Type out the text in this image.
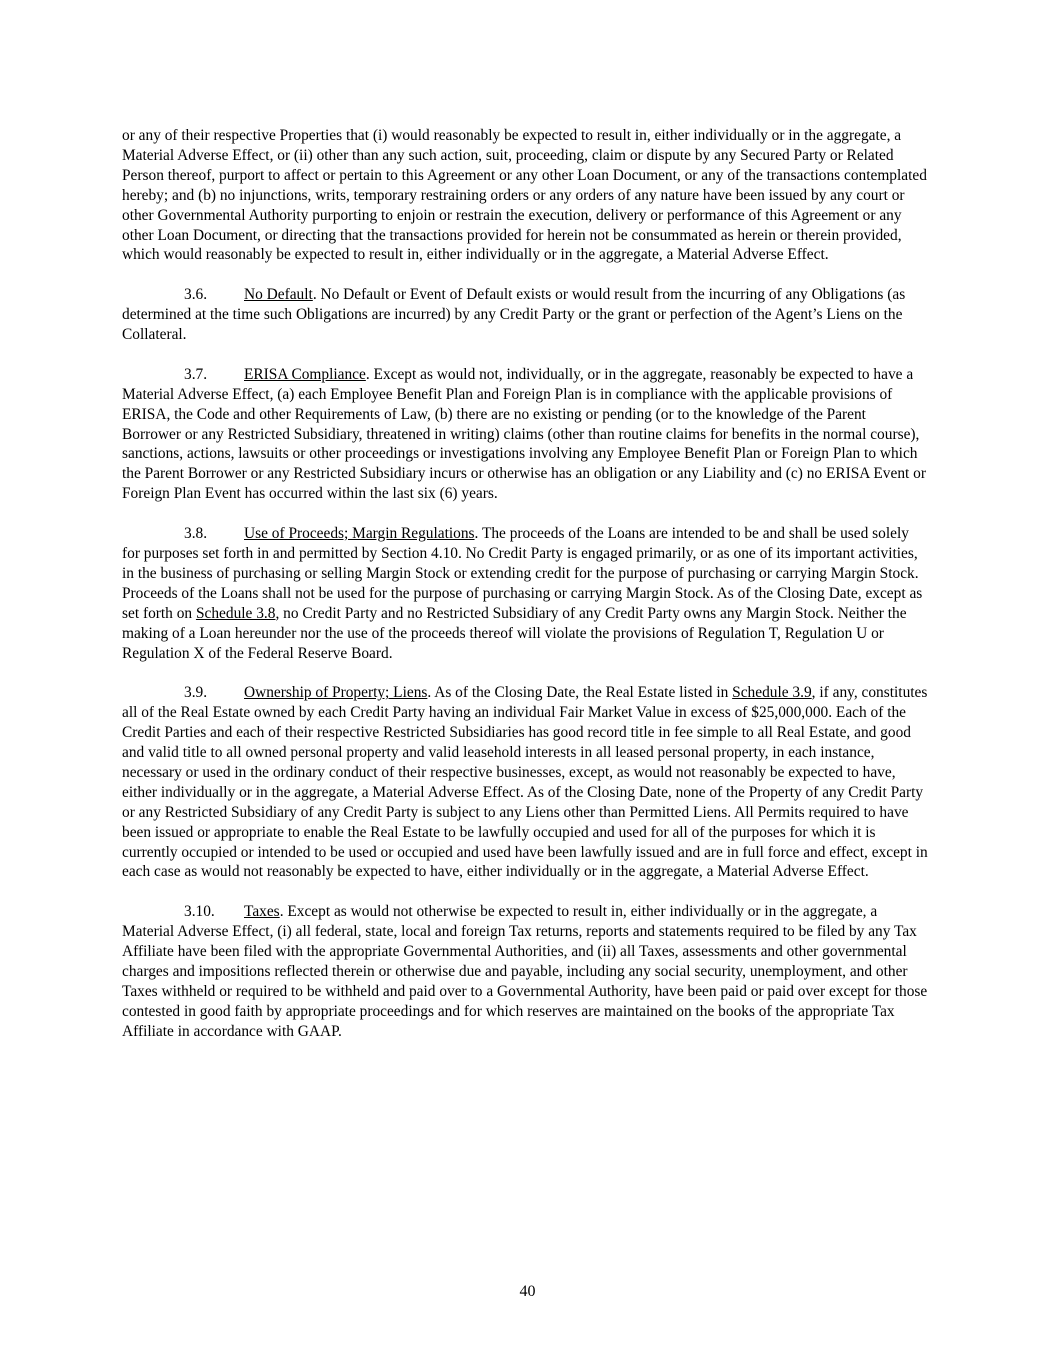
or any of their respective Properties that (i) would reasonably be expected to result in, either individually or in the aggregate, a Material Adverse Effect, or (ii) other than any such action, suit, proceeding, claim or dispute by any Secured Party or Related Person thereof, purport to affect or pertain to this Agreement or any other Loan Document, or any of the transactions contemplated hereby; and (b) no injunctions, writs, temporary restraining orders or any orders of any nature have been issued by any court or other Governmental Authority purporting to enjoin or restrain the execution, delivery or performance of this Agreement or any other Loan Document, or directing that the transactions provided for herein not be consummated as herein or therein provided, which would reasonably be expected to result in, either individually or in the aggregate, a Material Adverse Effect.

3.6. No Default. No Default or Event of Default exists or would result from the incurring of any Obligations (as determined at the time such Obligations are incurred) by any Credit Party or the grant or perfection of the Agent’s Liens on the Collateral.

3.7. ERISA Compliance. Except as would not, individually, or in the aggregate, reasonably be expected to have a Material Adverse Effect, (a) each Employee Benefit Plan and Foreign Plan is in compliance with the applicable provisions of ERISA, the Code and other Requirements of Law, (b) there are no existing or pending (or to the knowledge of the Parent Borrower or any Restricted Subsidiary, threatened in writing) claims (other than routine claims for benefits in the normal course), sanctions, actions, lawsuits or other proceedings or investigations involving any Employee Benefit Plan or Foreign Plan to which the Parent Borrower or any Restricted Subsidiary incurs or otherwise has an obligation or any Liability and (c) no ERISA Event or Foreign Plan Event has occurred within the last six (6) years.

3.8. Use of Proceeds; Margin Regulations. The proceeds of the Loans are intended to be and shall be used solely for purposes set forth in and permitted by Section 4.10. No Credit Party is engaged primarily, or as one of its important activities, in the business of purchasing or selling Margin Stock or extending credit for the purpose of purchasing or carrying Margin Stock. Proceeds of the Loans shall not be used for the purpose of purchasing or carrying Margin Stock. As of the Closing Date, except as set forth on Schedule 3.8, no Credit Party and no Restricted Subsidiary of any Credit Party owns any Margin Stock. Neither the making of a Loan hereunder nor the use of the proceeds thereof will violate the provisions of Regulation T, Regulation U or Regulation X of the Federal Reserve Board.

3.9. Ownership of Property; Liens. As of the Closing Date, the Real Estate listed in Schedule 3.9, if any, constitutes all of the Real Estate owned by each Credit Party having an individual Fair Market Value in excess of $25,000,000. Each of the Credit Parties and each of their respective Restricted Subsidiaries has good record title in fee simple to all Real Estate, and good and valid title to all owned personal property and valid leasehold interests in all leased personal property, in each instance, necessary or used in the ordinary conduct of their respective businesses, except, as would not reasonably be expected to have, either individually or in the aggregate, a Material Adverse Effect. As of the Closing Date, none of the Property of any Credit Party or any Restricted Subsidiary of any Credit Party is subject to any Liens other than Permitted Liens. All Permits required to have been issued or appropriate to enable the Real Estate to be lawfully occupied and used for all of the purposes for which it is currently occupied or intended to be used or occupied and used have been lawfully issued and are in full force and effect, except in each case as would not reasonably be expected to have, either individually or in the aggregate, a Material Adverse Effect.

3.10. Taxes. Except as would not otherwise be expected to result in, either individually or in the aggregate, a Material Adverse Effect, (i) all federal, state, local and foreign Tax returns, reports and statements required to be filed by any Tax Affiliate have been filed with the appropriate Governmental Authorities, and (ii) all Taxes, assessments and other governmental charges and impositions reflected therein or otherwise due and payable, including any social security, unemployment, and other Taxes withheld or required to be withheld and paid over to a Governmental Authority, have been paid or paid over except for those contested in good faith by appropriate proceedings and for which reserves are maintained on the books of the appropriate Tax Affiliate in accordance with GAAP.

40
